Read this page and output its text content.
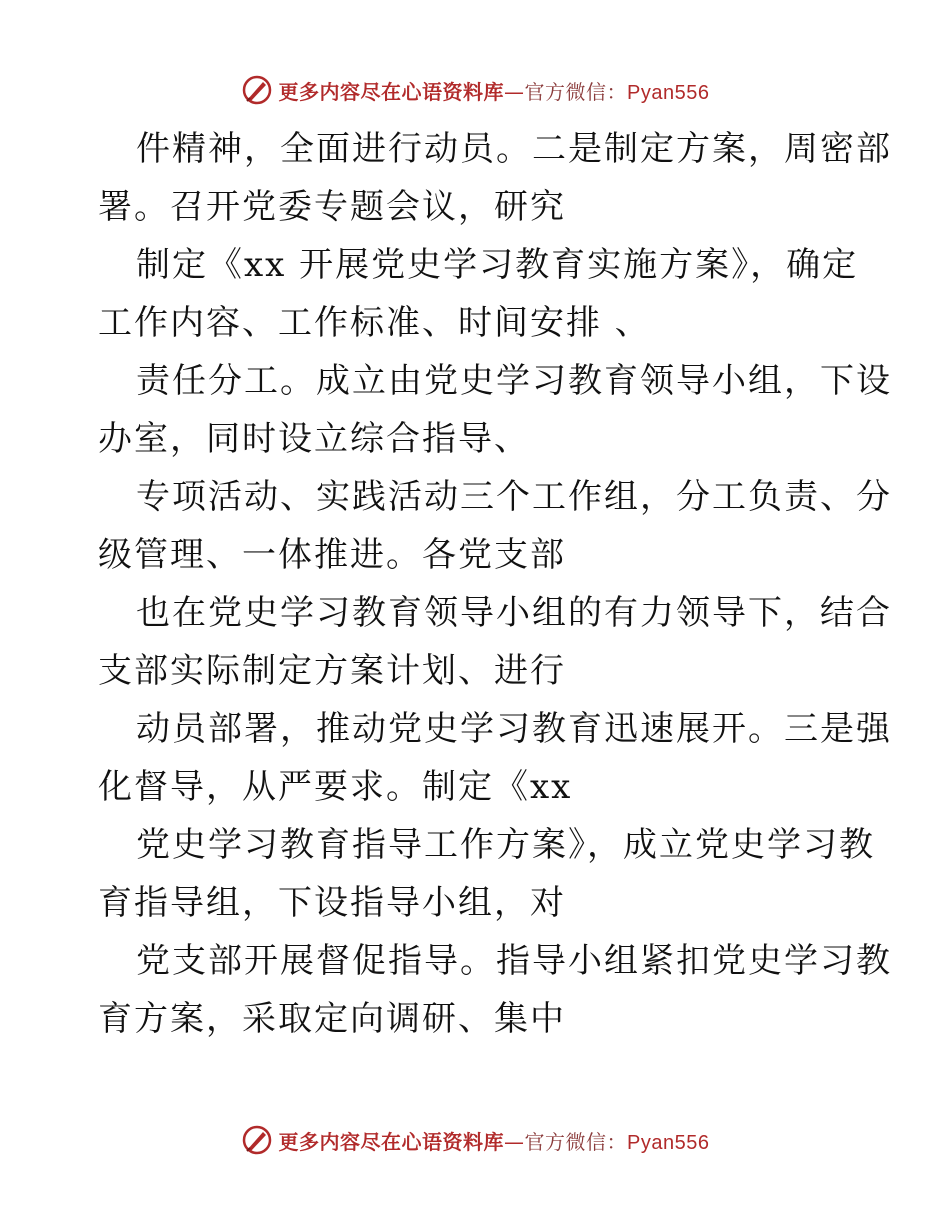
更多内容尽在心语资料库—官方微信：Pyan556
件精神，全面进行动员。二是制定方案，周密部
署。召开党委专题会议，研究
制定《xx 开展党史学习教育实施方案》，确定
工作内容、工作标准、时间安排 、
责任分工。成立由党史学习教育领导小组，下设
办室，同时设立综合指导、
专项活动、实践活动三个工作组，分工负责、分
级管理、一体推进。各党支部
也在党史学习教育领导小组的有力领导下，结合
支部实际制定方案计划、进行
动员部署，推动党史学习教育迅速展开。三是强
化督导，从严要求。制定《xx
党史学习教育指导工作方案》，成立党史学习教
育指导组，下设指导小组，对
党支部开展督促指导。指导小组紧扣党史学习教
育方案，采取定向调研、集中
更多内容尽在心语资料库—官方微信：Pyan556
